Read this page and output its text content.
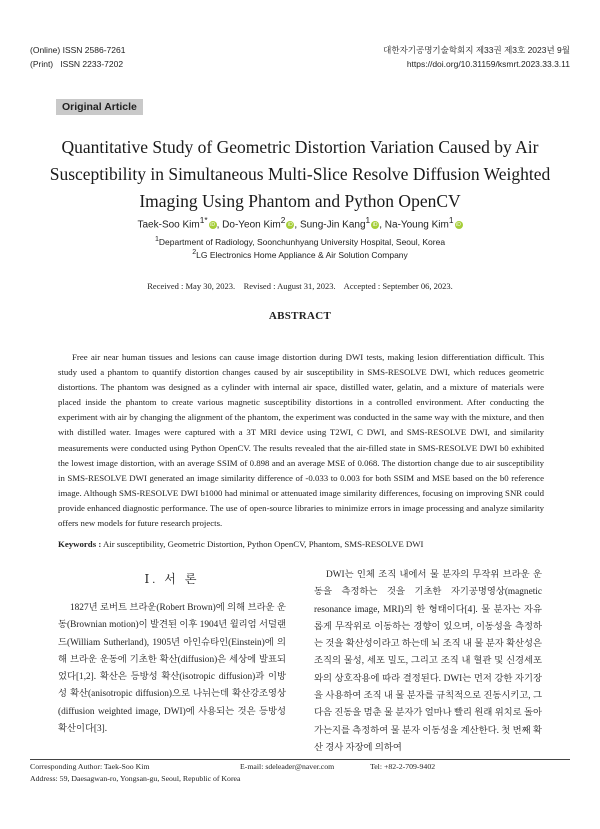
(Online) ISSN 2586-7261
(Print)   ISSN 2233-7202
대한자기공명기술학회지 제33권 제3호 2023년 9월
https://doi.org/10.31159/ksmrt.2023.33.3.11
Original Article
Quantitative Study of Geometric Distortion Variation Caused by Air Susceptibility in Simultaneous Multi-Slice Resolve Diffusion Weighted Imaging Using Phantom and Python OpenCV
Taek-Soo Kim$^{1*}$iD , Do-Yeon Kim$^2$iD , Sung-Jin Kang$^1$iD , Na-Young Kim$^1$iD
$^1$Department of Radiology, Soonchunhyang University Hospital, Seoul, Korea
$^2$LG Electronics Home Appliance & Air Solution Company
Received : May 30, 2023.    Revised : August 31, 2023.    Accepted : September 06, 2023.
ABSTRACT

Free air near human tissues and lesions can cause image distortion during DWI tests, making lesion differentiation difficult. This study used a phantom to quantify distortion changes caused by air susceptibility in SMS-RESOLVE DWI, which reduces geometric distortions. The phantom was designed as a cylinder with internal air space, distilled water, gelatin, and a mixture of materials were placed inside the phantom to create various magnetic susceptibility distortions in a controlled environment. After conducting the experiment with air by changing the alignment of the phantom, the experiment was conducted in the same way with the mixture, and then with distilled water. Images were captured with a 3T MRI device using T2WI, C DWI, and SMS-RESOLVE DWI, and similarity measurements were conducted using Python OpenCV. The results revealed that the air-filled state in SMS-RESOLVE DWI b0 exhibited the lowest image distortion, with an average SSIM of 0.898 and an average MSE of 0.068. The distortion change due to air susceptibility in SMS-RESOLVE DWI generated an image similarity difference of -0.033 to 0.003 for both SSIM and MSE based on the b0 reference image. Although SMS-RESOLVE DWI b1000 had minimal or attenuated image similarity differences, focusing on improving SNR could provide enhanced diagnostic performance. The use of open-source libraries to minimize errors in image processing and analyze similarity offers new models for future research projects.

Keywords : Air susceptibility, Geometric Distortion, Python OpenCV, Phantom, SMS-RESOLVE DWI
Ⅰ. 서 론

1827년 로버트 브라운(Robert Brown)에 의해 브라운 운동(Brownian motion)이 발견된 이후 1904년 윌리엄 서덜랜드(William Sutherland), 1905년 아인슈타인(Einstein)에 의해 브라운 운동에 기초한 확산(diffusion)은 세상에 발표되었다[1,2]. 확산은 등방성 확산(isotropic diffusion)과 이방성 확산(anisotropic diffusion)으로 나뉘는데 확산강조영상(diffusion weighted image, DWI)에 사용되는 것은 등방성 확산이다[3].

DWI는 인체 조직 내에서 물 분자의 무작위 브라운 운동을 측정하는 것을 기초한 자기공명영상(magnetic resonance image, MRI)의 한 형태이다[4]. 물 분자는 자유롭게 무작위로 이동하는 경향이 있으며, 이동성을 측정하는 것을 확산성이라고 하는데 뇌 조직 내 물 분자 확산성은 조직의 물성, 세포 밀도, 그리고 조직 내 혈관 및 신경세포와의 상호작용에 따라 결정된다. DWI는 먼저 강한 자기장을 사용하여 조직 내 물 분자를 규칙적으로 진동시키고, 그다음 진동을 멈춘 물 분자가 얼마나 빨리 원래 위치로 돌아가는지를 측정하여 물 분자 이동성을 계산한다. 첫 번째 확산 경사 자장에 의하여

Corresponding Author: Taek-Soo Kim	E-mail: sdeleader@naver.com	Tel: +82-2-709-9402
Address: 59, Daesagwan-ro, Yongsan-gu, Seoul, Republic of Korea
